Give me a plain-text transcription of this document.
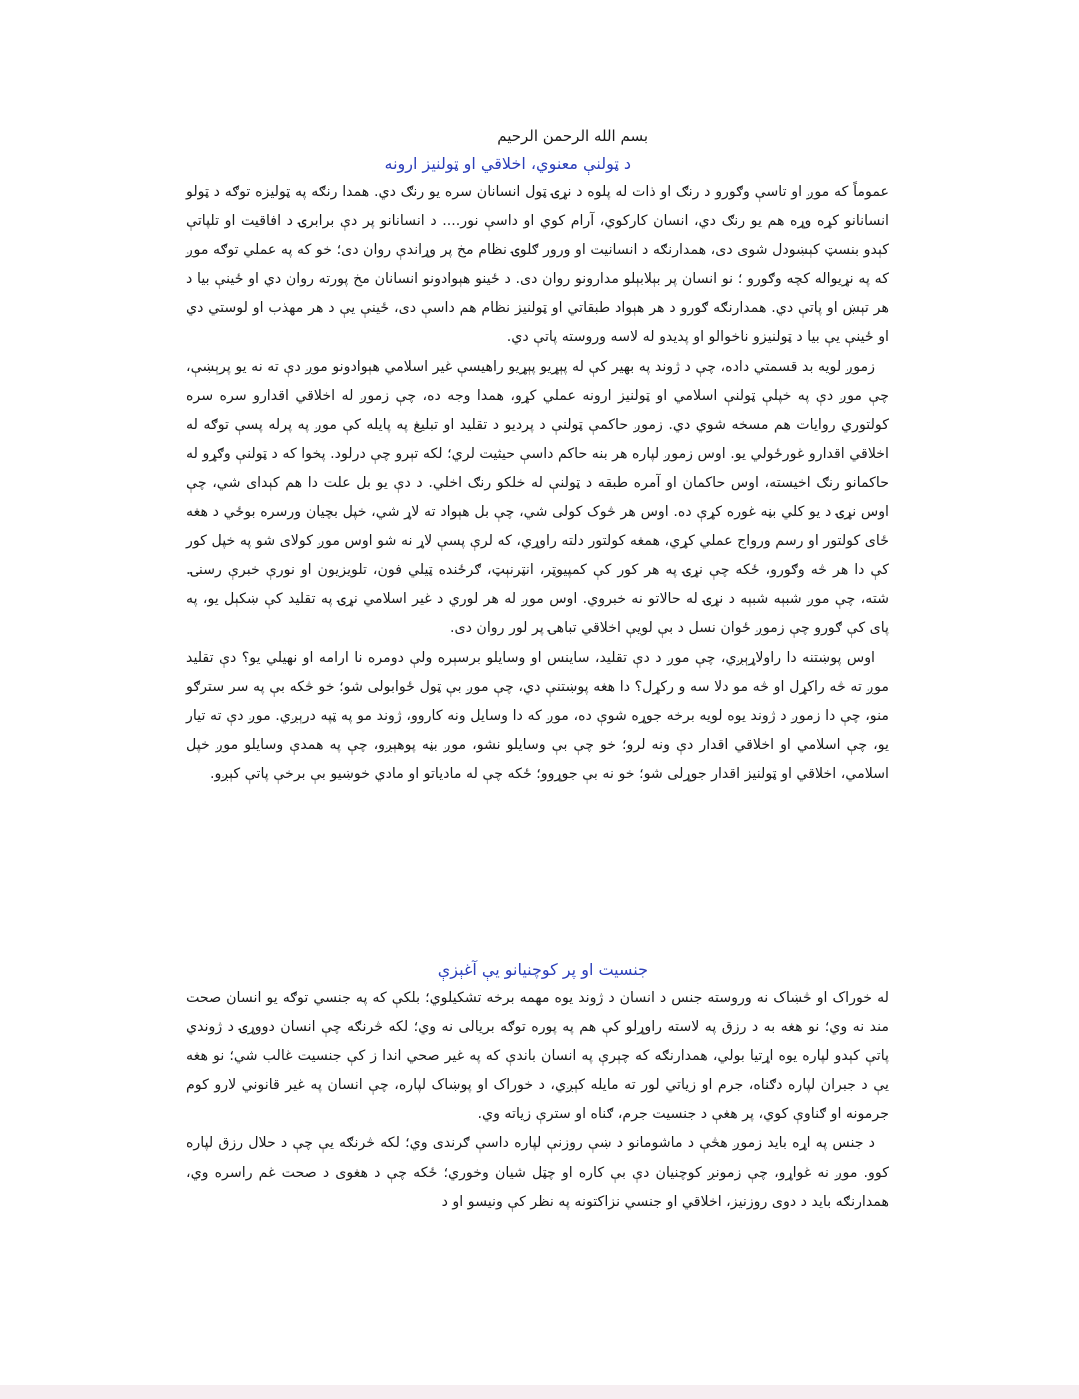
بسم الله الرحمن الرحیم
د ټولنې معنوي، اخلاقي او ټولنیز ارونه

عموماً که موږ او تاسې وګورو د رنګ او ذات له پلوه د نړۍ ټول انسانان سره یو رنګ دي. همدا رنګه په ټولیزه توګه د ټولو انسانانو کړه وړه هم یو رنګ دي، انسان کارکوي، آرام کوي او داسې نور.... د انسانانو پر دې برابرۍ د افاقیت او تلپاتې کېدو بنسټ کېښودل شوی دی، همدارنګه د انسانیت او ورور ګلوۍ نظام مخ پر وړاندې روان دی؛ خو که په عملي توګه موږ که په نړیواله کچه وګورو ؛ نو انسان پر بېلابېلو مدارونو روان دی. د ځینو هېوادونو انسانان مخ پورته روان دي او ځینې بیا د هر تېښ او پاتې دي. همدارنګه ګورو د هر هېواد طبقاتي او ټولنیز نظام هم داسې دی، ځینې یې د هر مهذب او لوستي دي او ځینې یې بیا د ټولنیزو ناخوالو او پدیدو له لاسه وروسته پاتې دي.

زموږ لویه بد قسمتي داده، چې د ژوند په بهیر کې له پېړیو پېړیو راهیسې غیر اسلامي هېوادونو موږ دې ته نه یو پرېښې، چې موږ دې په خپلې ټولنې اسلامي او ټولنیز ارونه عملي کړو، همدا وجه ده، چې زموږ له اخلاقي اقدارو سره سره کولتوري روایات هم مسخه شوي دي. زموږ حاکمې ټولنې د پردیو د تقلید او تبلیغ په پایله کې موږ په پرله پسې توګه له اخلاقي اقدارو غورځولي یو. اوس زموږ لپاره هر بنه حاکم داسې حیثیت لري؛ لکه تېرو چې درلود. پخوا که د ټولنې وګړو له حاکمانو رنګ اخیسته، اوس حاکمان او آمره طبقه د ټولنې له خلکو رنګ اخلي. د دې یو بل علت دا هم کېدای شي، چې اوس نړۍ د یو کلي بڼه غوره کړې ده. اوس هر څوک کولی شي، چې بل هېواد ته لاړ شي، خپل بچیان ورسره بوځي د هغه ځای کولتور او رسم ورواج عملي کړي، همغه کولتور دلته راوړي، که لرې پسې لاړ نه شو اوس موږ کولای شو په خپل کور کې دا هر څه وګورو، ځکه چې نړۍ په هر کور کې کمپیوټر، انټرنېټ، ګرځنده ټیلي فون، تلویزیون او نورې خبرې رسنۍ. شته، چې موږ شبېه شبېه د نړۍ له حالاتو نه خبروي. اوس موږ له هر لوري د غیر اسلامي نړۍ په تقلید کې ښکېل یو، په پای کې ګورو چې زموږ ځوان نسل د بې لویې اخلاقي تباهۍ پر لور روان دی.

اوس پوښتنه دا راولاړېږي، چې موږ د دې تقلید، ساینس او وسایلو برسېره ولې دومره نا ارامه او نهیلي یو؟ دې تقلید موږ ته څه راکړل او څه مو دلا سه و رکړل؟ دا هغه پوښتنې دي، چې موږ بې ټول ځوابولی شو؛ خو څکه بې په سر سترګو منو، چې دا زموږ د ژوند یوه لویه برخه جوړه شوې ده، موږ که دا وسایل ونه کاروو، ژوند مو په ټپه درېږي. موږ دې ته تیار یو، چې اسلامي او اخلاقي اقدار دې ونه لرو؛ خو چې بې وسایلو نشو، موږ بڼه پوهېږو، چې په همدې وسایلو موږ خپل اسلامي، اخلاقي او ټولنیز اقدار جوړلی شو؛ خو نه بې جوړوو؛ ځکه چې له مادیاتو او مادي خوښیو بې برخې پاتې کېږو.

جنسیت او پر کوچنیانو یې آغېزې

له خوراک او څښاک نه وروسته جنس د انسان د ژوند یوه مهمه برخه تشکیلوي؛ بلکې که په جنسي توګه یو انسان صحت مند نه وي؛ نو هغه به د رزق په لاسته راوړلو کې هم په پوره توګه بریالی نه وي؛ لکه څرنګه چې انسان دووړۍ د ژوندي پاتې کېدو لپاره یوه اړتیا بولي، همدارنګه که چېرې په انسان باندې که په غیر صحي اندا ز کې جنسیت غالب شي؛ نو هغه یې د جبران لپاره دګناه، جرم او زیاتي لور ته مایله کېږي، د خوراک او پوښاک لپاره، چې انسان په غیر قانوني لارو کوم جرمونه او ګناوې کوي، پر هغې د جنسیت جرم، ګناه او سترې زیاته وي.

د جنس په اړه باید زموږ هڅې د ماشومانو د ښې روزنې لپاره داسې ګرندی وي؛ لکه څرنګه یې چې د حلال رزق لپاره کوو. موږ نه غواړو، چې زمونږ کوچنیان دې بې کاره او چټل شیان وخوري؛ ځکه چې د هغوی د صحت غم راسره وي، همدارنګه باید د دوی روزنیز، اخلاقي او جنسي نزاکتونه په نظر کې ونیسو او د
